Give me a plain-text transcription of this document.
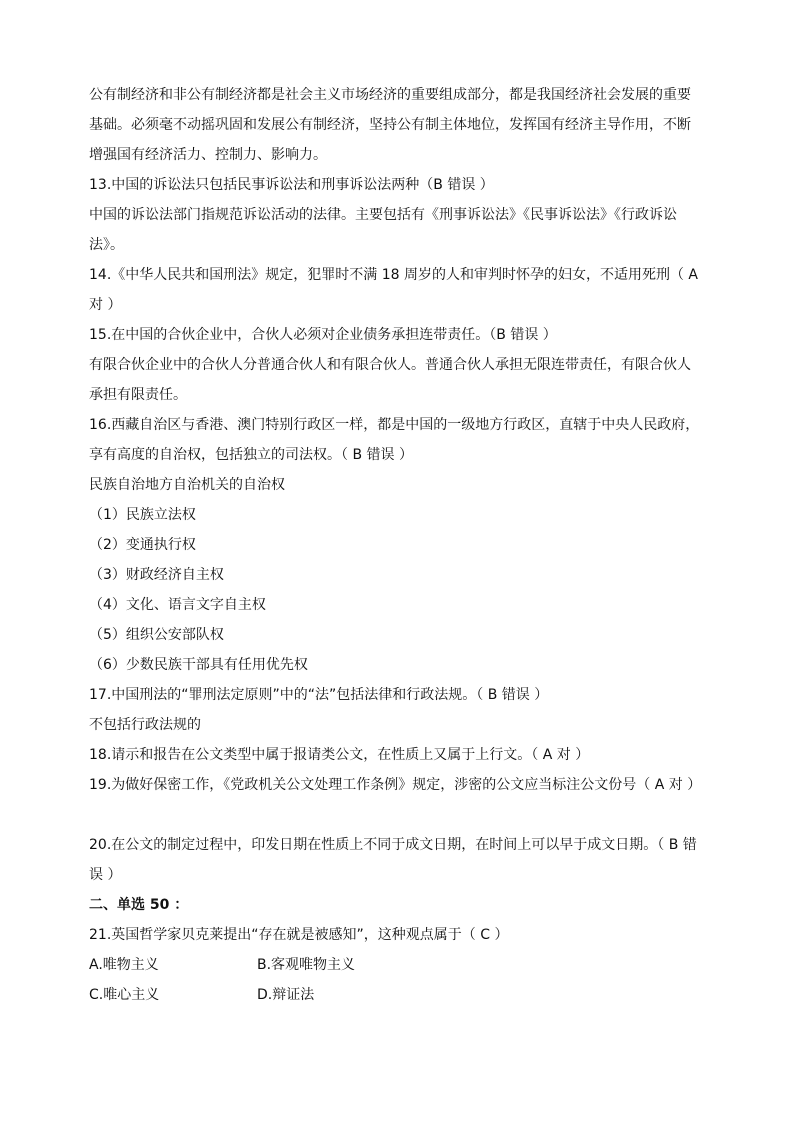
公有制经济和非公有制经济都是社会主义市场经济的重要组成部分，都是我国经济社会发展的重要
基础。必须毫不动摇巩固和发展公有制经济，坚持公有制主体地位，发挥国有经济主导作用，不断
增强国有经济活力、控制力、影响力。
13.中国的诉讼法只包括民事诉讼法和刑事诉讼法两种（B 错误 ）
中国的诉讼法部门指规范诉讼活动的法律。主要包括有《刑事诉讼法》《民事诉讼法》《行政诉讼
法》。
14.《中华人民共和国刑法》规定，犯罪时不满 18 周岁的人和审判时怀孕的妇女，不适用死刑（ A
对 ）
15.在中国的合伙企业中，合伙人必须对企业债务承担连带责任。（B 错误 ）
有限合伙企业中的合伙人分普通合伙人和有限合伙人。普通合伙人承担无限连带责任，有限合伙人
承担有限责任。
16.西藏自治区与香港、澳门特别行政区一样，都是中国的一级地方行政区，直辖于中央人民政府，
享有高度的自治权，包括独立的司法权。（ B 错误 ）
民族自治地方自治机关的自治权
（1）民族立法权
（2）变通执行权
（3）财政经济自主权
（4）文化、语言文字自主权
（5）组织公安部队权
（6）少数民族干部具有任用优先权
17.中国刑法的“罪刑法定原则”中的“法”包括法律和行政法规。（ B 错误 ）
不包括行政法规的
18.请示和报告在公文类型中属于报请类公文，在性质上又属于上行文。（ A 对 ）
19.为做好保密工作，《党政机关公文处理工作条例》规定，涉密的公文应当标注公文份号（ A 对 ）
20.在公文的制定过程中，印发日期在性质上不同于成文日期，在时间上可以早于成文日期。（ B 错
误 ）
二、单选 50 ：
21.英国哲学家贝克莱提出“存在就是被感知”，这种观点属于（ C ）
A.唯物主义	B.客观唯物主义
C.唯心主义	D.辩证法
